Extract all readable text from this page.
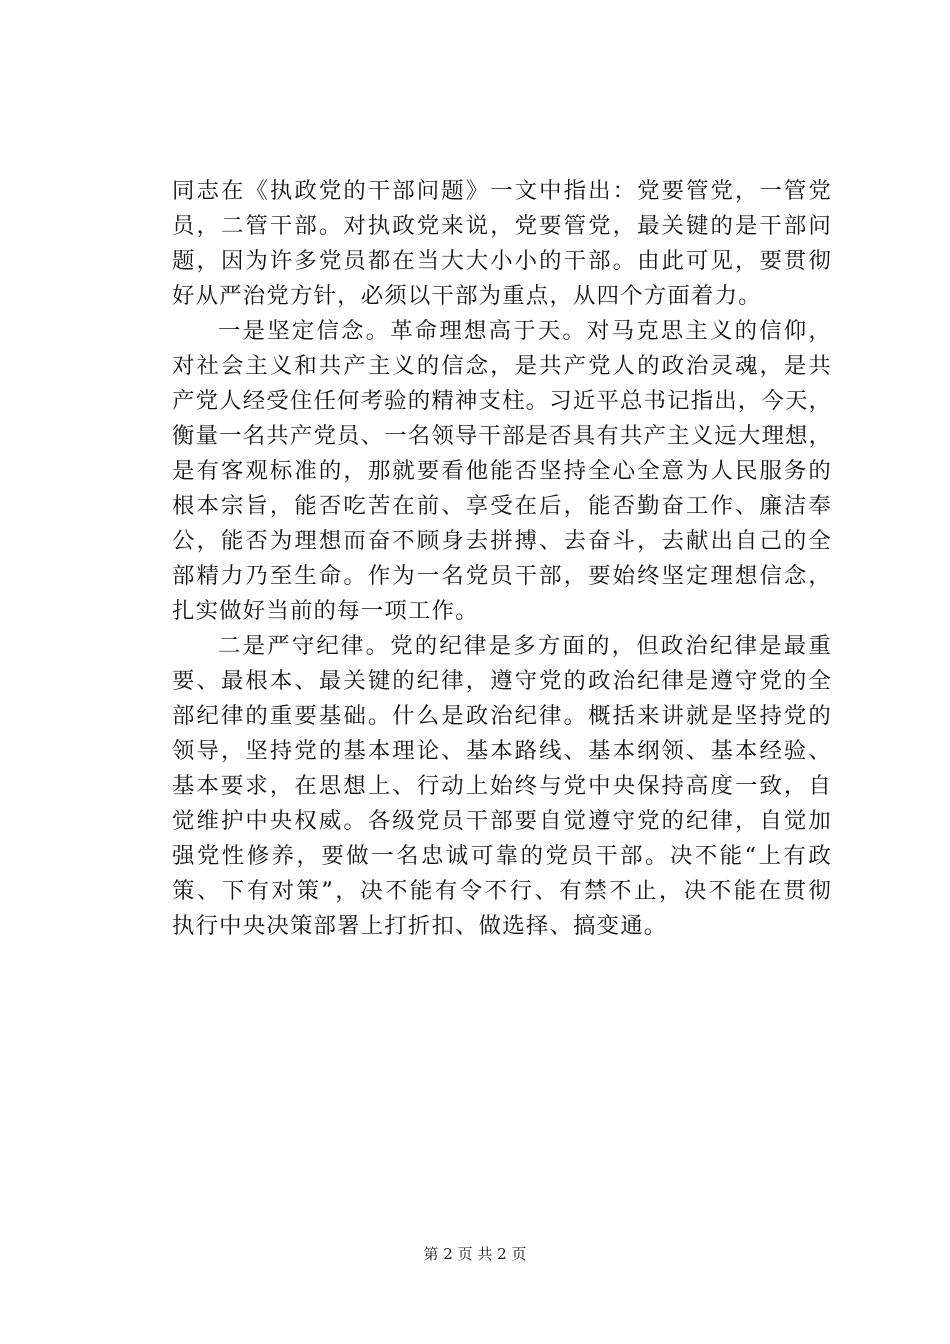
同志在《执政党的干部问题》一文中指出：党要管党，一管党
员，二管干部。对执政党来说，党要管党，最关键的是干部问
题，因为许多党员都在当大大小小的干部。由此可见，要贯彻
好从严治党方针，必须以干部为重点，从四个方面着力。
一是坚定信念。革命理想高于天。对马克思主义的信仰，
对社会主义和共产主义的信念，是共产党人的政治灵魂，是共
产党人经受住任何考验的精神支柱。习近平总书记指出，今天，
衡量一名共产党员、一名领导干部是否具有共产主义远大理想，
是有客观标准的，那就要看他能否坚持全心全意为人民服务的
根本宗旨，能否吃苦在前、享受在后，能否勤奋工作、廉洁奉
公，能否为理想而奋不顾身去拼搏、去奋斗，去献出自己的全
部精力乃至生命。作为一名党员干部，要始终坚定理想信念，
扎实做好当前的每一项工作。
二是严守纪律。党的纪律是多方面的，但政治纪律是最重
要、最根本、最关键的纪律，遵守党的政治纪律是遵守党的全
部纪律的重要基础。什么是政治纪律。概括来讲就是坚持党的
领导，坚持党的基本理论、基本路线、基本纲领、基本经验、
基本要求，在思想上、行动上始终与党中央保持高度一致，自
觉维护中央权威。各级党员干部要自觉遵守党的纪律，自觉加
强党性修养，要做一名忠诚可靠的党员干部。决不能“上有政
策、下有对策”，决不能有令不行、有禁不止，决不能在贯彻
执行中央决策部署上打折扣、做选择、搞变通。
第 2 页 共 2 页
